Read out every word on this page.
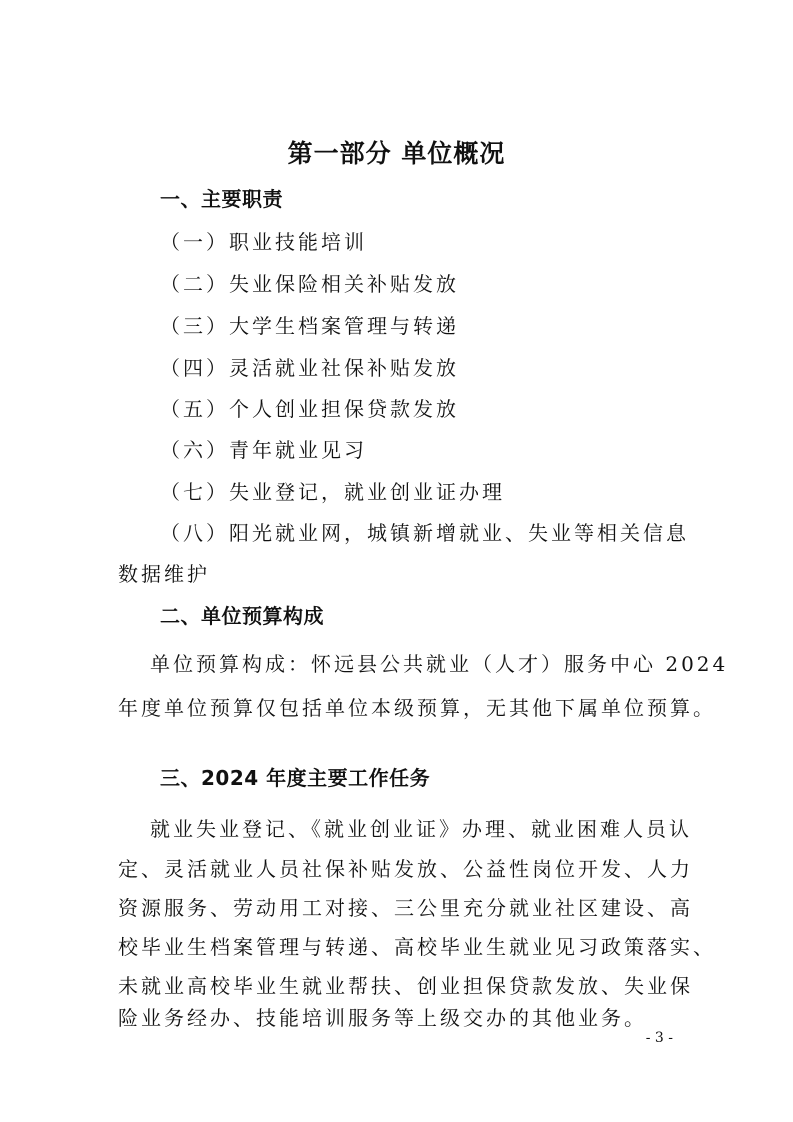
第一部分 单位概况
一、主要职责
（一）职业技能培训
（二）失业保险相关补贴发放
（三）大学生档案管理与转递
（四）灵活就业社保补贴发放
（五）个人创业担保贷款发放
（六）青年就业见习
（七）失业登记，就业创业证办理
（八）阳光就业网，城镇新增就业、失业等相关信息
数据维护
二、单位预算构成
单位预算构成：怀远县公共就业（人才）服务中心 2024
年度单位预算仅包括单位本级预算，无其他下属单位预算。
三、2024 年度主要工作任务
就业失业登记、《就业创业证》办理、就业困难人员认
定、灵活就业人员社保补贴发放、公益性岗位开发、人力
资源服务、劳动用工对接、三公里充分就业社区建设、高
校毕业生档案管理与转递、高校毕业生就业见习政策落实、
未就业高校毕业生就业帮扶、创业担保贷款发放、失业保
险业务经办、技能培训服务等上级交办的其他业务。
- 3 -
